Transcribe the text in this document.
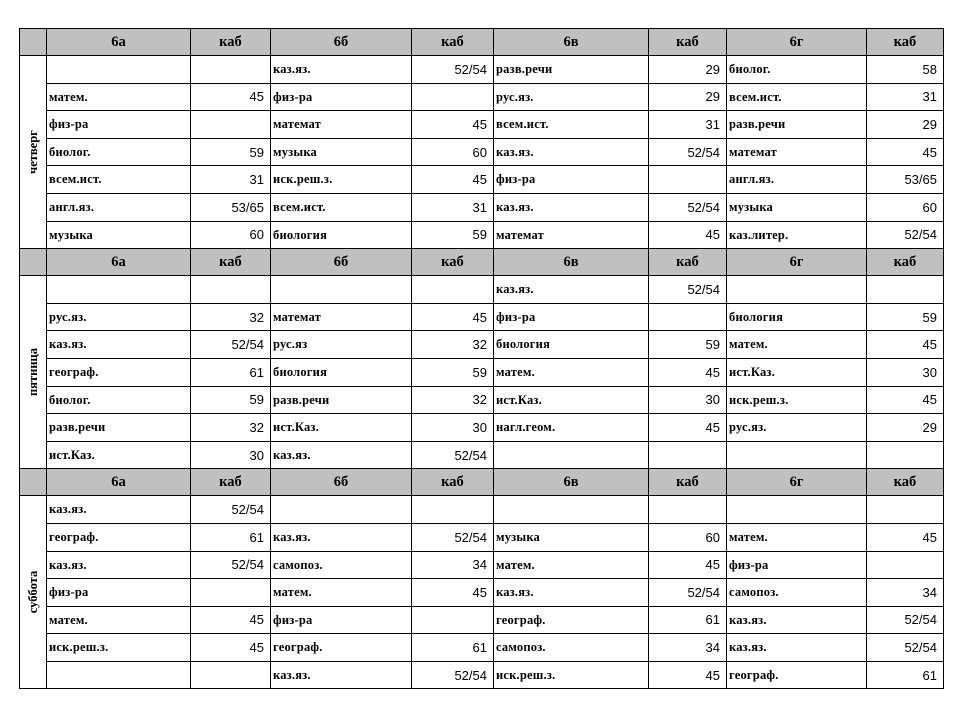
	6а	каб	6б	каб	6в	каб	6г	каб

четверг			каз.яз.	52/54	разв.речи	29	биолог.	58
	матем.	45	физ-ра		рус.яз.	29	всем.ист.	31
	физ-ра		математ	45	всем.ист.	31	разв.речи	29
	биолог.	59	музыка	60	каз.яз.	52/54	математ	45
	всем.ист.	31	иск.реш.з.	45	физ-ра		англ.яз.	53/65
	англ.яз.	53/65	всем.ист.	31	каз.яз.	52/54	музыка	60
	музыка	60	биология	59	математ	45	каз.литер.	52/54
	6а	каб	6б	каб	6в	каб	6г	каб

пятница					каз.яз.	52/54		
	рус.яз.	32	математ	45	физ-ра		биология	59
	каз.яз.	52/54	рус.яз	32	биология	59	матем.	45
	географ.	61	биология	59	матем.	45	ист.Каз.	30
	биолог.	59	разв.речи	32	ист.Каз.	30	иск.реш.з.	45
	разв.речи	32	ист.Каз.	30	нагл.геом.	45	рус.яз.	29
	ист.Каз.	30	каз.яз.	52/54				
	6а	каб	6б	каб	6в	каб	6г	каб

суббота	каз.яз.	52/54						
	географ.	61	каз.яз.	52/54	музыка	60	матем.	45
	каз.яз.	52/54	самопоз.	34	матем.	45	физ-ра	
	физ-ра		матем.	45	каз.яз.	52/54	самопоз.	34
	матем.	45	физ-ра		географ.	61	каз.яз.	52/54
	иск.реш.з.	45	географ.	61	самопоз.	34	каз.яз.	52/54
			каз.яз.	52/54	иск.реш.з.	45	географ.	61
